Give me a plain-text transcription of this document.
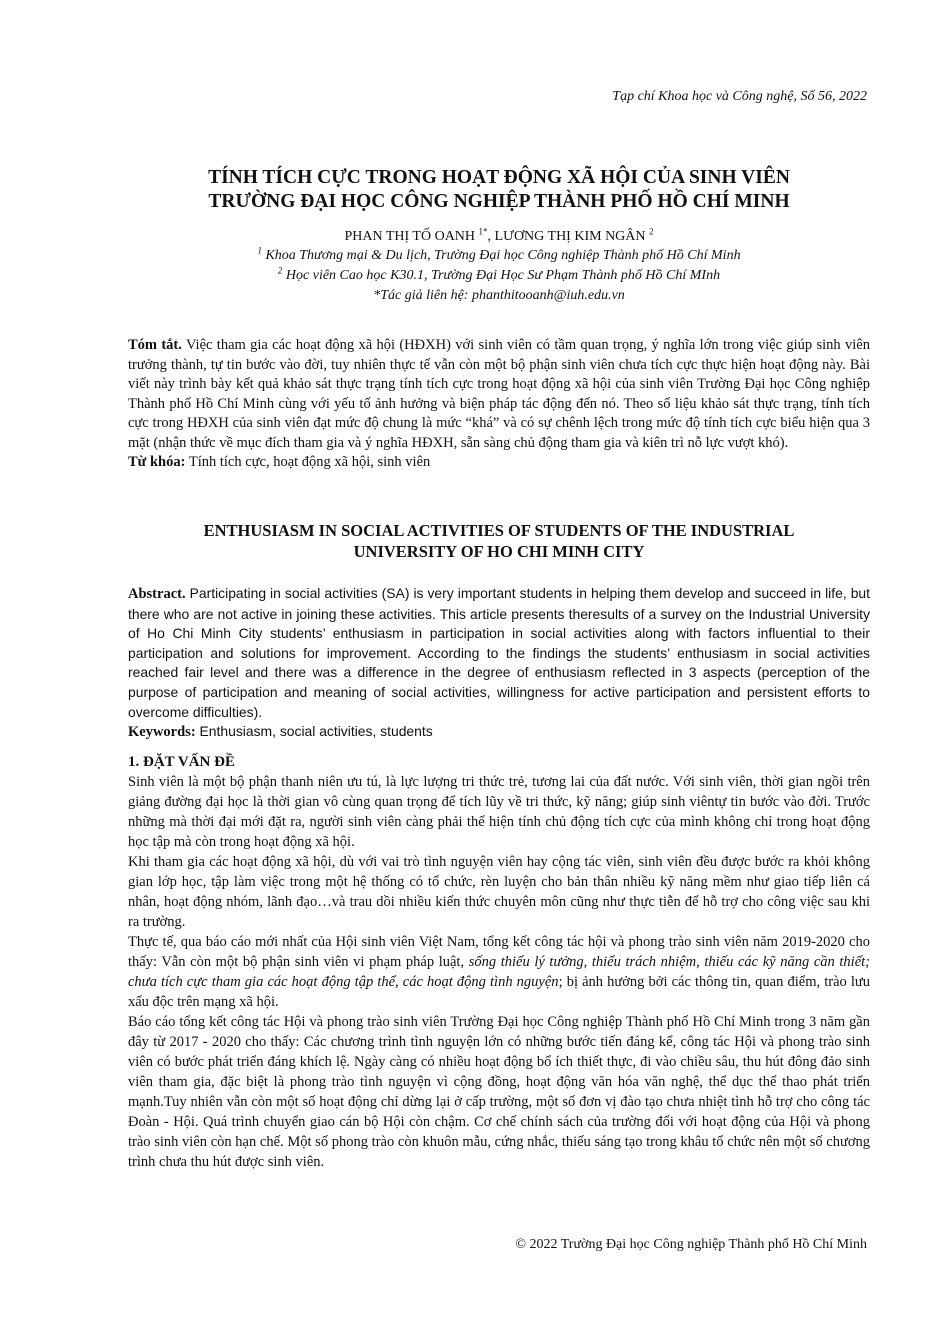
Tạp chí Khoa học và Công nghệ, Số 56, 2022
TÍNH TÍCH CỰC TRONG HOẠT ĐỘNG XÃ HỘI CỦA SINH VIÊN
TRƯỜNG ĐẠI HỌC CÔNG NGHIỆP THÀNH PHỐ HỒ CHÍ MINH
PHAN THỊ TỐ OANH $^{1*}$, LƯƠNG THỊ KIM NGÂN $^2$
$^1$ Khoa Thương mại & Du lịch, Trường Đại học Công nghiệp Thành phố Hồ Chí Minh
$^2$ Học viên Cao học K30.1, Trường Đại Học Sư Phạm Thành phố Hồ Chí MInh
*Tác giả liên hệ: phanthitooanh@iuh.edu.vn

Tóm tắt. Việc tham gia các hoạt động xã hội (HĐXH) với sinh viên có tầm quan trọng, ý nghĩa lớn trong việc giúp sinh viên trưởng thành, tự tin bước vào đời, tuy nhiên thực tế vẫn còn một bộ phận sinh viên chưa tích cực thực hiện hoạt động này. Bài viết này trình bày kết quả khảo sát thực trạng tính tích cực trong hoạt động xã hội của sinh viên Trường Đại học Công nghiệp Thành phố Hồ Chí Minh cùng với yếu tố ảnh hưởng và biện pháp tác động đến nó. Theo số liệu khảo sát thực trạng, tính tích cực trong HĐXH của sinh viên đạt mức độ chung là mức “khá” và có sự chênh lệch trong mức độ tính tích cực biểu hiện qua 3 mặt (nhận thức về mục đích tham gia và ý nghĩa HĐXH, sẵn sàng chủ động tham gia và kiên trì nỗ lực vượt khó).

Từ khóa: Tính tích cực, hoạt động xã hội, sinh viên

ENTHUSIASM IN SOCIAL ACTIVITIES OF STUDENTS OF THE INDUSTRIAL
UNIVERSITY OF HO CHI MINH CITY

Abstract. Participating in social activities (SA) is very important students in helping them develop and succeed in life, but there who are not active in joining these activities. This article presents theresults of a survey on the Industrial University of Ho Chi Minh City students’ enthusiasm in participation in social activities along with factors influential to their participation and solutions for improvement. According to the findings the students’ enthusiasm in social activities reached fair level and there was a difference in the degree of enthusiasm reflected in 3 aspects (perception of the purpose of participation and meaning of social activities, willingness for active participation and persistent efforts to overcome difficulties).

Keywords: Enthusiasm, social activities, students

1. ĐẶT VẤN ĐỀ

Sinh viên là một bộ phận thanh niên ưu tú, là lực lượng tri thức trẻ, tương lai của đất nước. Với sinh viên, thời gian ngồi trên giảng đường đại học là thời gian vô cùng quan trọng để tích lũy về tri thức, kỹ năng; giúp sinh viêntự tin bước vào đời. Trước những mà thời đại mới đặt ra, người sinh viên càng phải thể hiện tính chủ động tích cực của mình không chỉ trong hoạt động học tập mà còn trong hoạt động xã hội.

Khi tham gia các hoạt động xã hội, dù với vai trò tình nguyện viên hay cộng tác viên, sinh viên đều được bước ra khỏi không gian lớp học, tập làm việc trong một hệ thống có tổ chức, rèn luyện cho bản thân nhiều kỹ năng mềm như giao tiếp liên cá nhân, hoạt động nhóm, lãnh đạo…và trau dồi nhiều kiến thức chuyên môn cũng như thực tiễn để hỗ trợ cho công việc sau khi ra trường.

Thực tế, qua báo cáo mới nhất của Hội sinh viên Việt Nam, tổng kết công tác hội và phong trào sinh viên năm 2019-2020 cho thấy: Vẫn còn một bộ phận sinh viên vi phạm pháp luật, sống thiếu lý tưởng, thiếu trách nhiệm, thiếu các kỹ năng cần thiết; chưa tích cực tham gia các hoạt động tập thể, các hoạt động tình nguyện; bị ảnh hưởng bởi các thông tin, quan điểm, trào lưu xấu độc trên mạng xã hội.

Báo cáo tổng kết công tác Hội và phong trào sinh viên Trường Đại học Công nghiệp Thành phố Hồ Chí Minh trong 3 năm gần đây từ 2017 - 2020 cho thấy: Các chương trình tình nguyện lớn có những bước tiến đáng kể, công tác Hội và phong trào sinh viên có bước phát triển đáng khích lệ. Ngày càng có nhiều hoạt động bổ ích thiết thực, đi vào chiều sâu, thu hút đông đảo sinh viên tham gia, đặc biệt là phong trào tình nguyện vì cộng đồng, hoạt động văn hóa văn nghệ, thể dục thể thao phát triển mạnh.Tuy nhiên vẫn còn một số hoạt động chỉ dừng lại ở cấp trường, một số đơn vị đào tạo chưa nhiệt tình hỗ trợ cho công tác Đoàn - Hội. Quá trình chuyển giao cán bộ Hội còn chậm. Cơ chế chính sách của trường đối với hoạt động của Hội và phong trào sinh viên còn hạn chế. Một số phong trào còn khuôn mẫu, cứng nhắc, thiếu sáng tạo trong khâu tổ chức nên một số chương trình chưa thu hút được sinh viên.

© 2022 Trường Đại học Công nghiệp Thành phố Hồ Chí Minh
